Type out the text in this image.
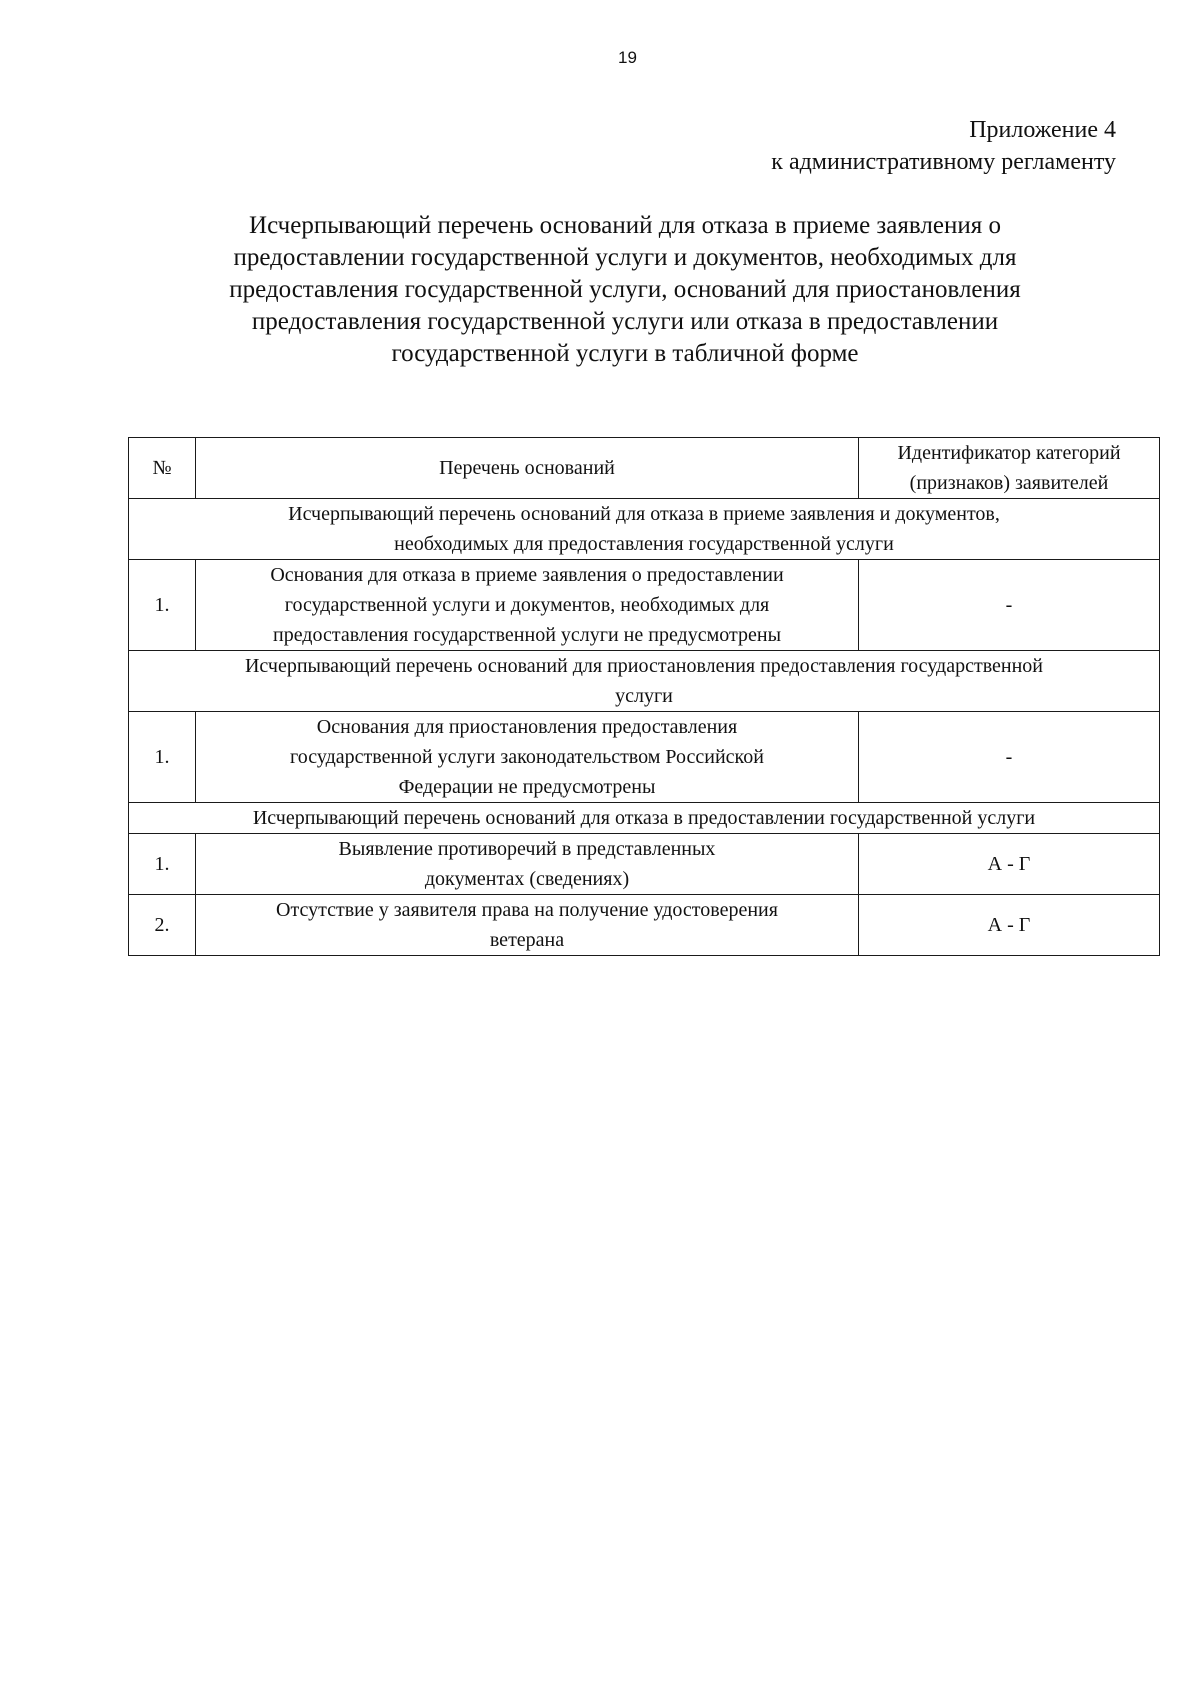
19
Приложение 4
к административному регламенту
Исчерпывающий перечень оснований для отказа в приеме заявления о
предоставлении государственной услуги и документов, необходимых для
предоставления государственной услуги, оснований для приостановления
предоставления государственной услуги или отказа в предоставлении
государственной услуги в табличной форме
№	Перечень оснований	Идентификатор категорий
(признаков) заявителей

Исчерпывающий перечень оснований для отказа в приеме заявления и документов,
необходимых для предоставления государственной услуги		

1.	Основания для отказа в приеме заявления о предоставлении
государственной услуги и документов, необходимых для
предоставления государственной услуги не предусмотрены	-

Исчерпывающий перечень оснований для приостановления предоставления государственной
услуги		

1.	Основания для приостановления предоставления
государственной услуги законодательством Российской
Федерации не предусмотрены	-

Исчерпывающий перечень оснований для отказа в предоставлении государственной услуги		

1.	Выявление противоречий в представленных
документах (сведениях)	А - Г
2.	Отсутствие у заявителя права на получение удостоверения
ветерана	А - Г
